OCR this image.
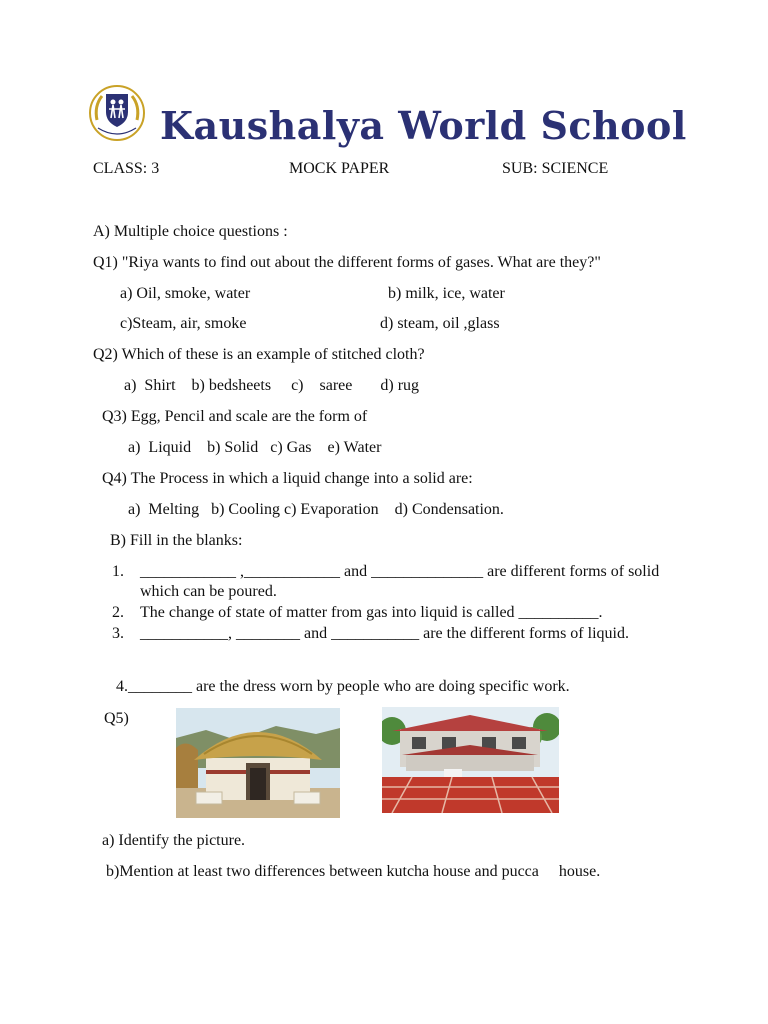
Kaushalya World School
CLASS: 3	MOCK PAPER	SUB: SCIENCE
A) Multiple choice questions :
Q1) "Riya wants to find out about the different forms of gases. What are they?"
a) Oil, smoke, water	b) milk, ice, water
c)Steam, air, smoke	d) steam, oil ,glass
Q2) Which of these is an example of stitched cloth?
a)  Shirt    b) bedsheets     c)    saree       d) rug
Q3) Egg, Pencil and scale are the form of
a)  Liquid    b) Solid   c) Gas    e) Water
Q4) The Process in which a liquid change into a solid are:
a)  Melting   b) Cooling c) Evaporation    d) Condensation.
B) Fill in the blanks:
1. ____________ ,____________ and ______________ are different forms of solid which can be poured.
2. The change of state of matter from gas into liquid is called __________.
3. ___________, ________ and ___________ are the different forms of liquid.
4.________ are the dress worn by people who are doing specific work.
Q5)
a) Identify the picture.
b)Mention at least two differences between kutcha house and pucca     house.
